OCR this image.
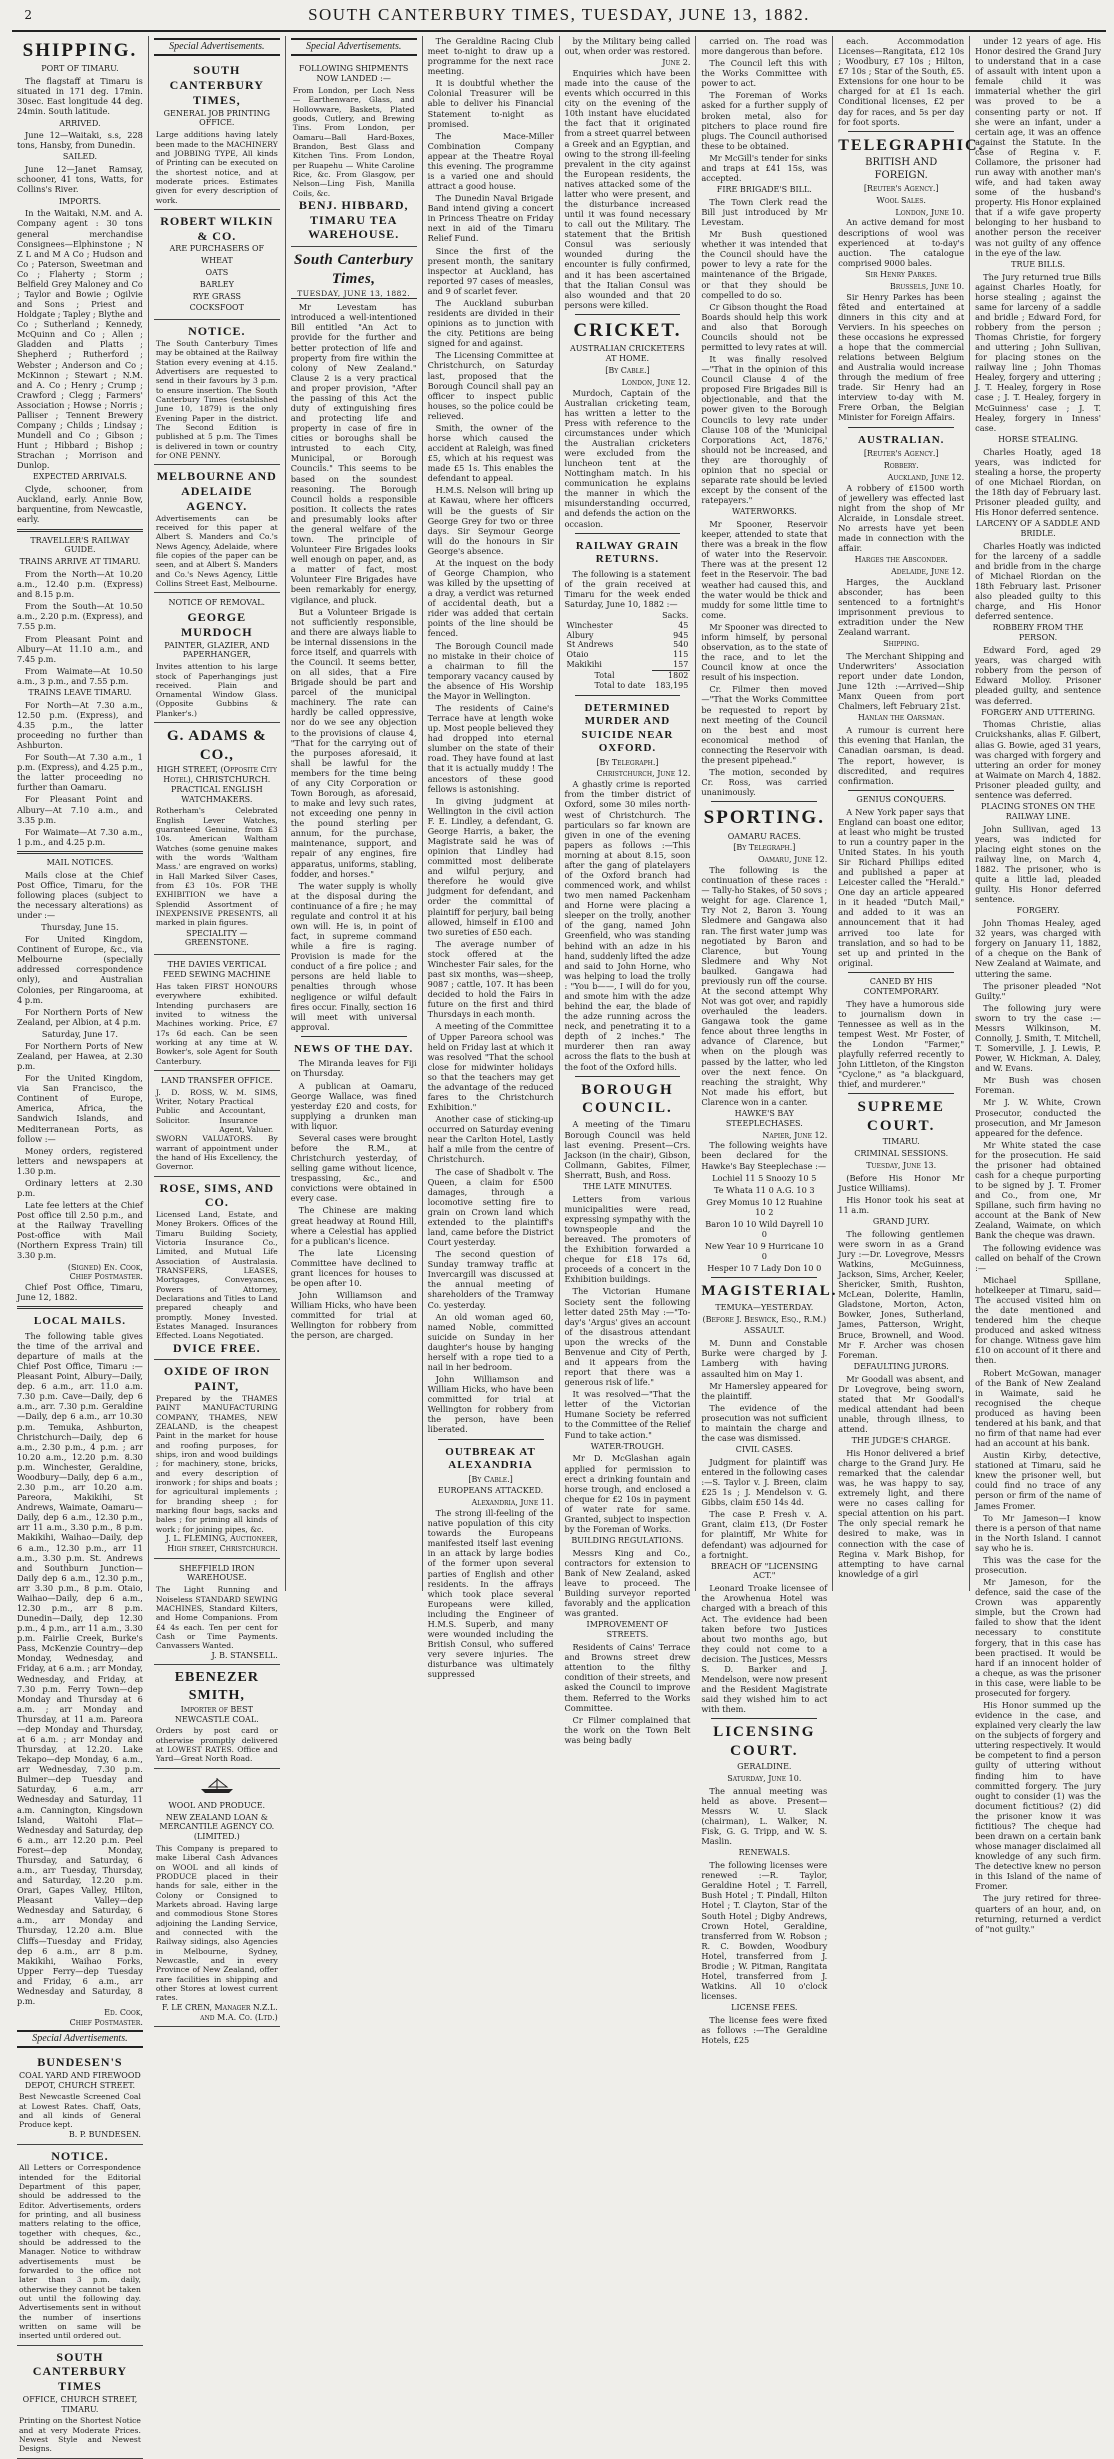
2	SOUTH CANTERBURY TIMES, TUESDAY, JUNE 13, 1882.
SHIPPING.
PORT OF TIMARU.

The flagstaff at Timaru is situated in 171 deg. 17min. 30sec. East longitude 44 deg. 24min. South latitude.

ARRIVED.

June 12—Waitaki, s.s, 228 tons, Hansby, from Dunedin.

SAILED.

June 12—Janet Ramsay, schooner, 41 tons, Watts, for Collins's River.

IMPORTS.

In the Waitaki, N.M. and A. Company agent : 30 tons general merchandise Consignees—Elphinstone ; N Z L and M A Co ; Hudson and Co ; Paterson, Sweetman and Co ; Flaherty ; Storm ; Belfield Grey Maloney and Co ; Taylor and Bowie ; Ogilvie and Sons ; Priest and Holdgate ; Tapley ; Blythe and Co ; Sutherland ; Kennedy, McQuinn and Co ; Allen ; Gladden and Platts ; Shepherd ; Rutherford ; Webster ; Anderson and Co ; McKinnon ; Stewart ; N.M. and A. Co ; Henry ; Crump ; Crawford ; Clegg ; Farmers' Association ; Howse ; Norris ; Palliser ; Tennent Brewery Company ; Childs ; Lindsay ; Mundell and Co ; Gibson ; Hunt ; Hibbard ; Bishop ; Strachan ; Morrison and Dunlop.

EXPECTED ARRIVALS.

Clyde, schooner, from Auckland, early. Annie Bow, barquentine, from Newcastle, early.

TRAVELLER'S RAILWAY GUIDE.
TRAINS ARRIVE AT TIMARU.

From the North—At 10.20 a.m., 12.40 p.m. (Express) and 8.15 p.m.

From the South—At 10.50 a.m., 2.20 p.m. (Express), and 7.55 p.m.

From Pleasant Point and Albury—At 11.10 a.m., and 7.45 p.m.

From Waimate—At 10.50 a.m., 3 p.m., and 7.55 p.m.

TRAINS LEAVE TIMARU.

For North—At 7.30 a.m., 12.50 p.m. (Express), and 4.35 p.m., the latter proceeding no further than Ashburton.

For South—At 7.30 a.m., 1 p.m. (Express), and 4.25 p.m., the latter proceeding no further than Oamaru.

For Pleasant Point and Albury—At 7.10 a.m., and 3.35 p.m.

For Waimate—At 7.30 a.m., 1 p.m., and 4.25 p.m.

MAIL NOTICES.

Mails close at the Chief Post Office, Timaru, for the following places (subject to the necessary alterations) as under :—

Thursday, June 15.

For United Kingdom, Continent of Europe, &c., via Melbourne (specially addressed correspondence only), and Australian Colonies, per Ringarooma, at 4 p.m.

For Northern Ports of New Zealand, per Albion, at 4 p.m.

Saturday, June 17.

For Northern Ports of New Zealand, per Hawea, at 2.30 p.m.

For the United Kingdom, via San Francisco, the Continent of Europe, America, Africa, the Sandwich Islands, and Mediterranean Ports, as follow :—

Money orders, registered letters and newspapers at 1.30 p.m.

Ordinary letters at 2.30 p.m.

Late fee letters at the Chief Post office till 2.50 p.m., and at the Railway Travelling Post-office with Mail (Northern Express Train) till 3.30 p.m.

(Signed) En. Cook,
Chief Postmaster.

Chief Post Office, Timaru, June 12, 1882.

LOCAL MAILS.

The following table gives the time of the arrival and departure of mails at the Chief Post Office, Timaru :— Pleasant Point, Albury—Daily, dep. 6 a.m., arr. 11.0 a.m. 7.30 p.m. Cave—Daily, dep 6 a.m., arr. 7.30 p.m. Geraldine—Daily, dep 6 a.m., arr 10.30 p.m. Temuka, Ashburton, Christchurch—Daily, dep 6 a.m., 2.30 p.m., 4 p.m. ; arr 10.20 a.m., 12.20 p.m. 8.30 p.m. Winchester, Geraldine, Woodbury—Daily, dep 6 a.m., 2.30 p.m., arr 10.20 a.m. Pareora, Makikihi, St Andrews, Waimate, Oamaru—Daily, dep 6 a.m., 12.30 p.m., arr 11 a.m., 3.30 p.m., 8 p.m. Makikihi, Waihao—Daily, dep 6 a.m., 12.30 p.m., arr 11 a.m., 3.30 p.m. St. Andrews and Southburn Junction—Daily dep 6 a.m., 12.30 p.m., arr 3.30 p.m., 8 p.m. Otaio, Waihao—Daily, dep 6 a.m., 12.30 p.m., arr 8 p.m. Dunedin—Daily, dep 12.30 p.m., 4 p.m., arr 11 a.m., 3.30 p.m. Fairlie Creek, Burke's Pass, McKenzie Country—dep Monday, Wednesday, and Friday, at 6 a.m. ; arr Monday, Wednesday, and Friday, at 7.30 p.m. Ferry Town—dep Monday and Thursday at 6 a.m. ; arr Monday and Thursday, at 11 a.m. Pareora—dep Monday and Thursday, at 6 a.m. ; arr Monday and Thursday, at 12.20. Lake Tekapo—dep Monday, 6 a.m., arr Wednesday, 7.30 p.m. Bulmer—dep Tuesday and Saturday, 6 a.m., arr Wednesday and Saturday, 11 a.m. Cannington, Kingsdown Island, Waitohi Flat—Wednesday and Saturday, dep 6 a.m., arr 12.20 p.m. Peel Forest—dep Monday, Thursday, and Saturday, 6 a.m., arr Tuesday, Thursday, and Saturday, 12.20 p.m. Orari, Gapes Valley, Hilton, Pleasant Valley—dep Wednesday and Saturday, 6 a.m., arr Monday and Thursday, 12.20 a.m. Blue Cliffs—Tuesday and Friday, dep 6 a.m., arr 8 p.m. Makikihi, Waihao Forks, Upper Ferry—dep Tuesday and Friday, 6 a.m., arr Wednesday and Saturday, 8 p.m.

Ed. Cook,
Chief Postmaster.
Special Advertisements.
BUNDESEN'S
COAL YARD AND FIREWOOD DEPOT, CHURCH STREET.
Best Newcastle Screened Coal at Lowest Rates. Chaff, Oats, and all kinds of General Produce kept.
B. P. BUNDESEN.
NOTICE.
All Letters or Correspondence intended for the Editorial Department of this paper, should be addressed to the Editor. Advertisements, orders for printing, and all business matters relating to the office, together with cheques, &c., should be addressed to the Manager. Notice to withdraw advertisements must be forwarded to the office not later than 3 p.m. daily, otherwise they cannot be taken out until the following day. Advertisements sent in without the number of insertions written on same will be inserted until ordered out.
SOUTH CANTERBURY TIMES
OFFICE, CHURCH STREET, TIMARU.
Printing on the Shortest Notice and at very Moderate Prices. Newest Style and Newest Designs.
Special Advertisements.
SOUTH CANTERBURY TIMES,
GENERAL JOB PRINTING OFFICE.
Large additions having lately been made to the MACHINERY and JOBBING TYPE, All kinds of Printing can be executed on the shortest notice, and at moderate prices. Estimates given for every description of work.
ROBERT WILKIN & CO.
ARE PURCHASERS OF
WHEAT
OATS
BARLEY
RYE GRASS
COCKSFOOT
NOTICE.
The South Canterbury Times may be obtained at the Railway Station every evening at 4.15. Advertisers are requested to send in their favours by 3 p.m. to ensure insertion. The South Canterbury Times (established June 10, 1879) is the only Evening Paper in the district. The Second Edition is published at 5 p.m. The Times is delivered in town or country for ONE PENNY.
MELBOURNE AND ADELAIDE AGENCY.
Advertisements can be received for this paper at Albert S. Manders and Co.'s News Agency, Adelaide, where file copies of the paper can be seen, and at Albert S. Manders and Co.'s News Agency, Little Collins Street East, Melbourne.
NOTICE OF REMOVAL.
GEORGE MURDOCH
PAINTER, GLAZIER, AND PAPERHANGER,
Invites attention to his large stock of Paperhangings just received. Plain and Ornamental Window Glass. (Opposite Gubbins & Planker's.)
G. ADAMS & CO.,
HIGH STREET, (Opposite City Hotel), CHRISTCHURCH. PRACTICAL ENGLISH WATCHMAKERS.
Rotherham's Celebrated English Lever Watches, guaranteed Genuine, from £3 10s. American Waltham Watches (some genuine makes with the words 'Waltham Mass.' are engraved on works) in Hall Marked Silver Cases, from £3 10s. FOR THE EXHIBITION we have a Splendid Assortment of INEXPENSIVE PRESENTS, all marked in plain figures.
SPECIALITY — GREENSTONE.
THE DAVIES VERTICAL FEED SEWING MACHINE
Has taken FIRST HONOURS everywhere exhibited. Intending purchasers are invited to witness the Machines working. Price, £7 17s 6d each. Can be seen working at any time at W. Bowker's, sole Agent for South Canterbury.
LAND TRANSFER OFFICE.
J. D. ROSS, Writer, Notary Public and Solicitor.
W. M. SIMS, Practical Accountant, Insurance Agent, Valuer.
SWORN VALUATORS. By warrant of appointment under the hand of His Excellency, the Governor.
ROSE, SIMS, AND CO.
Licensed Land, Estate, and Money Brokers. Offices of the Timaru Building Society, Victoria Insurance Co., Limited, and Mutual Life Association of Australasia. TRANSFERS, LEASES, Mortgages, Conveyances, Powers of Attorney, Declarations and Titles to Land prepared cheaply and promptly. Money Invested. Estates Managed. Insurances Effected. Loans Negotiated.
DVICE FREE.
OXIDE OF IRON PAINT,
Prepared by the THAMES PAINT MANUFACTURING COMPANY, THAMES, NEW ZEALAND, is the cheapest Paint in the market for house and roofing purposes, for ships, iron and wood buildings ; for machinery, stone, bricks, and every description of ironwork ; for ships and boats ; for agricultural implements ; for branding sheep ; for marking flour bags, sacks and bales ; for priming all kinds of work ; for joining pipes, &c.
J. L. FLEMING, Auctioneer, High street, Christchurch.
SHEFFIELD IRON WAREHOUSE.
The Light Running and Noiseless STANDARD SEWING MACHINES, Standard Kilters, and Home Companions. From £4 4s each. Ten per cent for Cash or Time Payments. Canvassers Wanted.
J. B. STANSELL.
EBENEZER SMITH,
Importer of BEST NEWCASTLE COAL.
Orders by post card or otherwise promptly delivered at LOWEST RATES. Office and Yard—Great North Road.
WOOL AND PRODUCE.
NEW ZEALAND LOAN & MERCANTILE AGENCY CO. (LIMITED.)
This Company is prepared to make Liberal Cash Advances on WOOL and all kinds of PRODUCE placed in their hands for sale, either in the Colony or Consigned to Markets abroad. Having large and commodious Stone Stores adjoining the Landing Service, and connected with the Railway sidings, also Agencies in Melbourne, Sydney, Newcastle, and in every Province of New Zealand, offer rare facilities in shipping and other Stores at lowest current rates.
F. LE CREN, Manager N.Z.L. and M.A. Co. (Ltd.)
Special Advertisements.
FOLLOWING SHIPMENTS NOW LANDED :—
From London, per Loch Ness — Earthenware, Glass, and Hollowware, Baskets, Plated goods, Cutlery, and Brewing Tins. From London, per Oamaru—Ball Hard-Boxes, Brandon, Best Glass and Kitchen Tins. From London, per Ruapehu — White Caroline Rice, &c. From Glasgow, per Nelson—Ling Fish, Manilla Coils, &c.
BENJ. HIBBARD, TIMARU TEA WAREHOUSE.
South Canterbury Times,
TUESDAY, JUNE 13, 1882.

Mr Levestam has introduced a well-intentioned Bill entitled "An Act to provide for the further and better protection of life and property from fire within the colony of New Zealand." Clause 2 is a very practical and proper provision, "After the passing of this Act the duty of extinguishing fires and protecting life and property in case of fire in cities or boroughs shall be intrusted to each City, Municipal, or Borough Councils." This seems to be based on the soundest reasoning. The Borough Council holds a responsible position. It collects the rates and presumably looks after the general welfare of the town. The principle of Volunteer Fire Brigades looks well enough on paper, and, as a matter of fact, most Volunteer Fire Brigades have been remarkably for energy, vigilance, and pluck.

But a Volunteer Brigade is not sufficiently responsible, and there are always liable to be internal dissensions in the force itself, and quarrels with the Council. It seems better, on all sides, that a Fire Brigade should be part and parcel of the municipal machinery. The rate can hardly be called oppressive, nor do we see any objection to the provisions of clause 4, "That for the carrying out of the purposes aforesaid, it shall be lawful for the members for the time being of any City Corporation or Town Borough, as aforesaid, to make and levy such rates, not exceeding one penny in the pound sterling per annum, for the purchase, maintenance, support, and repair of any engines, fire apparatus, uniforms, stabling, fodder, and horses."

The water supply is wholly at the disposal during the continuance of a fire ; he may regulate and control it at his own will. He is, in point of fact, in supreme command while a fire is raging. Provision is made for the conduct of a fire police ; and persons are held liable to penalties through whose negligence or wilful default fires occur. Finally, section 16 will meet with universal approval.

NEWS OF THE DAY.

The Miranda leaves for Fiji on Thursday.

A publican at Oamaru, George Wallace, was fined yesterday £20 and costs, for supplying a drunken man with liquor.

Several cases were brought before the R.M., at Christchurch yesterday, of selling game without licence, trespassing, &c., and convictions were obtained in every case.

The Chinese are making great headway at Round Hill, where a Celestial has applied for a publican's licence.

The late Licensing Committee have declined to grant licences for houses to be open after 10.

John Williamson and William Hicks, who have been committed for trial at Wellington for robbery from the person, are charged.

The Geraldine Racing Club meet to-night to draw up a programme for the next race meeting.

It is doubtful whether the Colonial Treasurer will be able to deliver his Financial Statement to-night as promised.

The Mace-Miller Combination Company appear at the Theatre Royal this evening. The programme is a varied one and should attract a good house.

The Dunedin Naval Brigade Band intend giving a concert in Princess Theatre on Friday next in aid of the Timaru Relief Fund.

Since the first of the present month, the sanitary inspector at Auckland, has reported 97 cases of measles, and 9 of scarlet fever.

The Auckland suburban residents are divided in their opinions as to junction with the city. Petitions are being signed for and against.

The Licensing Committee at Christchurch, on Saturday last, proposed that the Borough Council shall pay an officer to inspect public houses, so the police could be relieved.

Smith, the owner of the horse which caused the accident at Raleigh, was fined £5, which at his request was made £5 1s. This enables the defendant to appeal.

H.M.S. Nelson will bring up at Kawau, where her officers will be the guests of Sir George Grey for two or three days. Sir Seymour George will do the honours in Sir George's absence.

At the inquest on the body of George Champion, who was killed by the upsetting of a dray, a verdict was returned of accidental death, but a rider was added that certain points of the line should be fenced.

The Borough Council made no mistake in their choice of a chairman to fill the temporary vacancy caused by the absence of His Worship the Mayor in Wellington.

The residents of Caine's Terrace have at length woke up. Most people believed they had dropped into eternal slumber on the state of their road. They have found at last that it is actually muddy ! The ancestors of these good fellows is astonishing.

In giving judgment at Wellington in the civil action F. E. Lindley, a defendant, G. George Harris, a baker, the Magistrate said he was of opinion that Lindley had committed most deliberate and wilful perjury, and therefore he would give judgment for defendant, and order the committal of plaintiff for perjury, bail being allowed, himself in £100 and two sureties of £50 each.

The average number of stock offered at the Winchester Fair sales, for the past six months, was—sheep, 9087 ; cattle, 107. It has been decided to hold the Fairs in future on the first and third Thursdays in each month.

A meeting of the Committee of Upper Pareora school was held on Friday last at which it was resolved "That the school close for midwinter holidays so that the teachers may get the advantage of the reduced fares to the Christchurch Exhibition."

Another case of sticking-up occurred on Saturday evening near the Carlton Hotel, Lastly half a mile from the centre of Christchurch.

The case of Shadbolt v. The Queen, a claim for £500 damages, through a locomotive setting fire to grain on Crown land which extended to the plaintiff's land, came before the District Court yesterday.

The second question of Sunday tramway traffic at Invercargill was discussed at the annual meeting of shareholders of the Tramway Co. yesterday.

An old woman aged 60, named Noble, committed suicide on Sunday in her daughter's house by hanging herself with a rope tied to a nail in her bedroom.

John Williamson and William Hicks, who have been committed for trial at Wellington for robbery from the person, have been liberated.

OUTBREAK AT ALEXANDRIA
[By Cable.]
EUROPEANS ATTACKED.
Alexandria, June 11.

The strong ill-feeling of the native population of this city towards the Europeans manifested itself last evening in an attack by large bodies of the former upon several parties of English and other residents. In the affrays which took place several Europeans were killed, including the Engineer of H.M.S. Superb, and many were wounded including the British Consul, who suffered very severe injuries. The disturbance was ultimately suppressed

by the Military being called out, when order was restored.

June 2.

Enquiries which have been made into the cause of the events which occurred in this city on the evening of the 10th instant have elucidated the fact that it originated from a street quarrel between a Greek and an Egyptian, and owing to the strong ill-feeling prevalent in the city against the European residents, the natives attacked some of the latter who were present, and the disturbance increased until it was found necessary to call out the Military. The statement that the British Consul was seriously wounded during the encounter is fully confirmed, and it has been ascertained that the Italian Consul was also wounded and that 20 persons were killed.

CRICKET.
AUSTRALIAN CRICKETERS AT HOME.
[By Cable.]
London, June 12.

Murdoch, Captain of the Australian cricketing team, has written a letter to the Press with reference to the circumstances under which the Australian cricketers were excluded from the luncheon tent at the Nottingham match. In his communication he explains the manner in which the misunderstanding occurred, and defends the action on the occasion.

RAILWAY GRAIN RETURNS.

The following is a statement of the grain received at Timaru for the week ended Saturday, June 10, 1882 :—

	Sacks.
Winchester	45
Albury	945
St Andrews	540
Otaio	115
Makikihi	157
Total	1802
Total to date	183,195
DETERMINED MURDER AND SUICIDE NEAR OXFORD.
[By Telegraph.]
Christchurch, June 12.

A ghastly crime is reported from the timber district of Oxford, some 30 miles north-west of Christchurch. The particulars so far known are given in one of the evening papers as follows :—This morning at about 8.15, soon after the gang of platelayers of the Oxford branch had commenced work, and whilst two men named Packenham and Horne were placing a sleeper on the trolly, another of the gang, named John Greenfield, who was standing behind with an adze in his hand, suddenly lifted the adze and said to John Horne, who was helping to load the trolly : "You b——, I will do for you, and smote him with the adze behind the ear, the blade of the adze running across the neck, and penetrating it to a depth of 2 inches." The murderer then ran away across the flats to the bush at the foot of the Oxford hills.

BOROUGH COUNCIL.

A meeting of the Timaru Borough Council was held last evening. Present—Crs. Jackson (in the chair), Gibson, Collmann, Gabites, Filmer, Sherratt, Bush, and Ross.

THE LATE MINUTES.

Letters from various municipalities were read, expressing sympathy with the townspeople and the bereaved. The promoters of the Exhibition forwarded a cheque for £18 17s 6d, proceeds of a concert in the Exhibition buildings.

The Victorian Humane Society sent the following letter dated 25th May :—"To-day's 'Argus' gives an account of the disastrous attendant upon the wrecks of the Benvenue and City of Perth, and it appears from the report that there was a generous risk of life."

It was resolved—"That the letter of the Victorian Humane Society be referred to the Committee of the Relief Fund to take action."

WATER-TROUGH.

Mr D. McGlashan again applied for permission to erect a drinking fountain and horse trough, and enclosed a cheque for £2 10s in payment of water rate for same. Granted, subject to inspection by the Foreman of Works.

BUILDING REGULATIONS.

Messrs King and Co., contractors for extension to Bank of New Zealand, asked leave to proceed. The Building surveyor reported favorably and the application was granted.

IMPROVEMENT OF STREETS.

Residents of Cains' Terrace and Browns street drew attention to the filthy condition of their streets, and asked the Council to improve them. Referred to the Works Committee.

Cr Filmer complained that the work on the Town Belt was being badly

carried on. The road was more dangerous than before.

The Council left this with the Works Committee with power to act.

The Foreman of Works asked for a further supply of broken metal, also for pitchers to place round fire plugs. The Council authorised these to be obtained.

Mr McGill's tender for sinks and traps at £41 15s, was accepted.

FIRE BRIGADE'S BILL.

The Town Clerk read the Bill just introduced by Mr Levestam.

Mr Bush questioned whether it was intended that the Council should have the power to levy a rate for the maintenance of the Brigade, or that they should be compelled to do so.

Cr Gibson thought the Road Boards should help this work and also that Borough Councils should not be permitted to levy rates at will.

It was finally resolved—"That in the opinion of this Council Clause 4 of the proposed Fire Brigades Bill is objectionable, and that the power given to the Borough Councils to levy rate under Clause 108 of the 'Municipal Corporations Act, 1876,' should not be increased, and they are thoroughly of opinion that no special or separate rate should be levied except by the consent of the ratepayers."

WATERWORKS.

Mr Spooner, Reservoir keeper, attended to state that there was a break in the flow of water into the Reservoir. There was at the present 12 feet in the Reservoir. The bad weather had caused this, and the water would be thick and muddy for some little time to come.

Mr Spooner was directed to inform himself, by personal observation, as to the state of the race, and to let the Council know at once the result of his inspection.

Cr. Filmer then moved—"That the Works Committee be requested to report by next meeting of the Council on the best and most economical method of connecting the Reservoir with the present pipehead."

The motion, seconded by Cr. Ross, was carried unanimously.

SPORTING.
OAMARU RACES.
[By Telegraph.]
Oamaru, June 12.

The following is the continuation of these races :— Tally-ho Stakes, of 50 sovs ; weight for age. Clarence 1, Try Not 2, Baron 3. Young Sledmere and Gangawa also ran. The first water jump was negotiated by Baron and Clarence, but Young Sledmere and Why Not baulked. Gangawa had previously run off the course. At the second attempt Why Not was got over, and rapidly overhauled the leaders. Gangawa took the game fence about three lengths in advance of Clarence, but when on the plough was passed by the latter, who led over the next fence. On reaching the straight, Why Not made his effort, but Clarence won in a canter.

HAWKE'S BAY STEEPLECHASES.
Napier, June 12.

The following weights have been declared for the Hawke's Bay Steeplechase :—

Lochiel 11 5 Snoozy 10 5

Te Whata 11 0 A.G. 10 3

Grey Momus 10 12 Ruahine 10 2

Baron 10 10 Wild Dayrell 10 0

New Year 10 9 Hurricane 10 0

Hesper 10 7 Lady Don 10 0

MAGISTERIAL.
TEMUKA—YESTERDAY.
(Before J. Beswick, Esq., R.M.)
ASSAULT.

M. Dunn and Constable Burke were charged by J. Lamberg with having assaulted him on May 1.

Mr Hamersley appeared for the plaintiff.

The evidence of the prosecution was not sufficient to maintain the charge and the case was dismissed.

CIVIL CASES.

Judgment for plaintiff was entered in the following cases :—S. Taylor v. J. Breen, claim £25 1s ; J. Mendelson v. G. Gibbs, claim £50 14s 4d.

The case P. Fresh v. A. Grant, claim £13, (Dr Foster for plaintiff, Mr White for defendant) was adjourned for a fortnight.

BREACH OF "LICENSING ACT."

Leonard Troake licensee of the Arowhenua Hotel was charged with a breach of this Act. The evidence had been taken before two Justices about two months ago, but they could not come to a decision. The Justices, Messrs S. D. Barker and J. Mendelson, were now present and the Resident Magistrate said they wished him to act with them.

LICENSING COURT.
GERALDINE.
Saturday, June 10.

The annual meeting was held as above. Present—Messrs W. U. Slack (chairman), L. Walker, N. Fisk, G. G. Tripp, and W. S. Maslin.

RENEWALS.

The following licenses were renewed :—R. Taylor, Geraldine Hotel ; T. Farrell, Bush Hotel ; T. Pindall, Hilton Hotel ; T. Clayton, Star of the South Hotel ; Digby Andrews, Crown Hotel, Geraldine, transferred from W. Robson ; R. C. Bowden, Woodbury Hotel, transferred from J. Brodie ; W. Pitman, Rangitata Hotel, transferred from J. Watkins. All 10 o'clock licenses.

LICENSE FEES.

The license fees were fixed as follows :—The Geraldine Hotels, £25

each. Accommodation Licenses—Rangitata, £12 10s ; Woodbury, £7 10s ; Hilton, £7 10s ; Star of the South, £5. Extensions for one hour to be charged for at £1 1s each. Conditional licenses, £2 per day for races, and 5s per day for foot sports.

TELEGRAPHIC.
BRITISH AND FOREIGN.
[Reuter's Agency.]
Wool Sales.
London, June 10.

An active demand for most descriptions of wool was experienced at to-day's auction. The catalogue comprised 9000 bales.

Sir Henry Parkes.
Brussels, June 10.

Sir Henry Parkes has been fêted and entertained at dinners in this city and at Verviers. In his speeches on these occasions he expressed a hope that the commercial relations between Belgium and Australia would increase through the medium of free trade. Sir Henry had an interview to-day with M. Frere Orban, the Belgian Minister for Foreign Affairs.

AUSTRALIAN.
[Reuter's Agency.]
Robbery.
Auckland, June 12.

A robbery of £1500 worth of jewellery was effected last night from the shop of Mr Alcraide, in Lonsdale street. No arrests have yet been made in connection with the affair.

Harges the Absconder.
Adelaide, June 12.

Harges, the Auckland absconder, has been sentenced to a fortnight's imprisonment previous to extradition under the New Zealand warrant.

Shipping.

The Merchant Shipping and Underwriters' Association report under date London, June 12th :—Arrived—Ship Manx Queen from port Chalmers, left February 21st.

Hanlan the Oarsman.

A rumour is current here this evening that Hanlan, the Canadian oarsman, is dead. The report, however, is discredited, and requires confirmation.

GENIUS CONQUERS.

A New York paper says that England can boast one editor, at least who might be trusted to run a country paper in the United States. In his youth Sir Richard Phillips edited and published a paper at Leicester called the "Herald." One day an article appeared in it headed "Dutch Mail," and added to it was an announcement that it had arrived too late for translation, and so had to be set up and printed in the original.

CANED BY HIS CONTEMPORARY.

They have a humorous side to journalism down in Tennessee as well as in the tempest West. Mr Foster, of the London "Farmer," playfully referred recently to John Littleton, of the Kingston "Cyclone," as "a blackguard, thief, and murderer."

SUPREME COURT.
TIMARU.
CRIMINAL SESSIONS.
Tuesday, June 13.

(Before His Honor Mr Justice Williams).

His Honor took his seat at 11 a.m.

GRAND JURY.

The following gentlemen were sworn in as a Grand Jury :—Dr. Lovegrove, Messrs Watkins, McGuinness, Jackson, Sims, Archer, Keeler, Shericker, Smith, Rushton, McLean, Dolerite, Hamlin, Gladstone, Morton, Acton, Bowker, Jones, Sutherland, James, Patterson, Wright, Bruce, Brownell, and Wood. Mr F. Archer was chosen Foreman.

DEFAULTING JURORS.

Mr Goodall was absent, and Dr Lovegrove, being sworn, stated that Mr Goodall's medical attendant had been unable, through illness, to attend.

THE JUDGE'S CHARGE.

His Honor delivered a brief charge to the Grand Jury. He remarked that the calendar was, he was happy to say, extremely light, and there were no cases calling for special attention on his part. The only special remark he desired to make, was in connection with the case of Regina v. Mark Bishop, for attempting to have carnal knowledge of a girl

under 12 years of age. His Honor desired the Grand Jury to understand that in a case of assault with intent upon a female child it was immaterial whether the girl was proved to be a consenting party or not. If she were an infant, under a certain age, it was an offence against the Statute. In the case of Regina v. F. Collamore, the prisoner had run away with another man's wife, and had taken away some of the husband's property. His Honor explained that if a wife gave property belonging to her husband to another person the receiver was not guilty of any offence in the eye of the law.

TRUE BILLS.

The Jury returned true Bills against Charles Hoatly, for horse stealing ; against the same for larceny of a saddle and bridle ; Edward Ford, for robbery from the person ; Thomas Christie, for forgery and uttering ; John Sullivan, for placing stones on the railway line ; John Thomas Healey, forgery and uttering ; J. T. Healey, forgery in Rose case ; J. T. Healey, forgery in McGuinness' case ; J. T. Healey, forgery in Inness' case.

HORSE STEALING.

Charles Hoatly, aged 18 years, was indicted for stealing a horse, the property of one Michael Riordan, on the 18th day of February last. Prisoner pleaded guilty, and His Honor deferred sentence.

LARCENY OF A SADDLE AND BRIDLE.

Charles Hoatly was indicted for the larceny of a saddle and bridle from in the charge of Michael Riordan on the 18th February last. Prisoner also pleaded guilty to this charge, and His Honor deferred sentence.

ROBBERY FROM THE PERSON.

Edward Ford, aged 29 years, was charged with robbery from the person of Edward Molloy. Prisoner pleaded guilty, and sentence was deferred.

FORGERY AND UTTERING.

Thomas Christie, alias Cruickshanks, alias F. Gilbert, alias G. Bowie, aged 31 years, was charged with forgery and uttering an order for money at Waimate on March 4, 1882. Prisoner pleaded guilty, and sentence was deferred.

PLACING STONES ON THE RAILWAY LINE.

John Sullivan, aged 13 years, was indicted for placing eight stones on the railway line, on March 4, 1882. The prisoner, who is quite a little lad, pleaded guilty. His Honor deferred sentence.

FORGERY.

John Thomas Healey, aged 32 years, was charged with forgery on January 11, 1882, of a cheque on the Bank of New Zealand at Waimate, and uttering the same.

The prisoner pleaded "Not Guilty."

The following jury were sworn to try the case :—Messrs Wilkinson, M. Connolly, J. Smith, T. Mitchell, T. Somerville, J. J. Lewis, P. Power, W. Hickman, A. Daley, and W. Evans.

Mr Bush was chosen Foreman.

Mr J. W. White, Crown Prosecutor, conducted the prosecution, and Mr Jameson appeared for the defence.

Mr White stated the case for the prosecution. He said the prisoner had obtained cash for a cheque purporting to be signed by J. T. Fromer and Co., from one, Mr Spillane, such firm having no account at the Bank of New Zealand, Waimate, on which Bank the cheque was drawn.

The following evidence was called on behalf of the Crown :—

Michael Spillane, hotelkeeper at Timaru, said—The accused visited him on the date mentioned and tendered him the cheque produced and asked witness for change. Witness gave him £10 on account of it there and then.

Robert McGowan, manager of the Bank of New Zealand in Waimate, said he recognised the cheque produced as having been tendered at his bank, and that no firm of that name had ever had an account at his bank.

Austin Kirby, detective, stationed at Timaru, said he knew the prisoner well, but could find no trace of any person or firm of the name of James Fromer.

To Mr Jameson—I know there is a person of that name in the North Island. I cannot say who he is.

This was the case for the prosecution.

Mr Jameson, for the defence, said the case of the Crown was apparently simple, but the Crown had failed to show that the ident necessary to constitute forgery, that in this case has been practised. It would be hard if an innocent holder of a cheque, as was the prisoner in this case, were liable to be prosecuted for forgery.

His Honor summed up the evidence in the case, and explained very clearly the law on the subjects of forgery and uttering respectively. It would be competent to find a person guilty of uttering without finding him to have committed forgery. The jury ought to consider (1) was the document fictitious? (2) did the prisoner know it was fictitious? The cheque had been drawn on a certain bank whose manager disclaimed all knowledge of any such firm. The detective knew no person in this Island of the name of Fromer.

The jury retired for three-quarters of an hour, and, on returning, returned a verdict of "not guilty."
